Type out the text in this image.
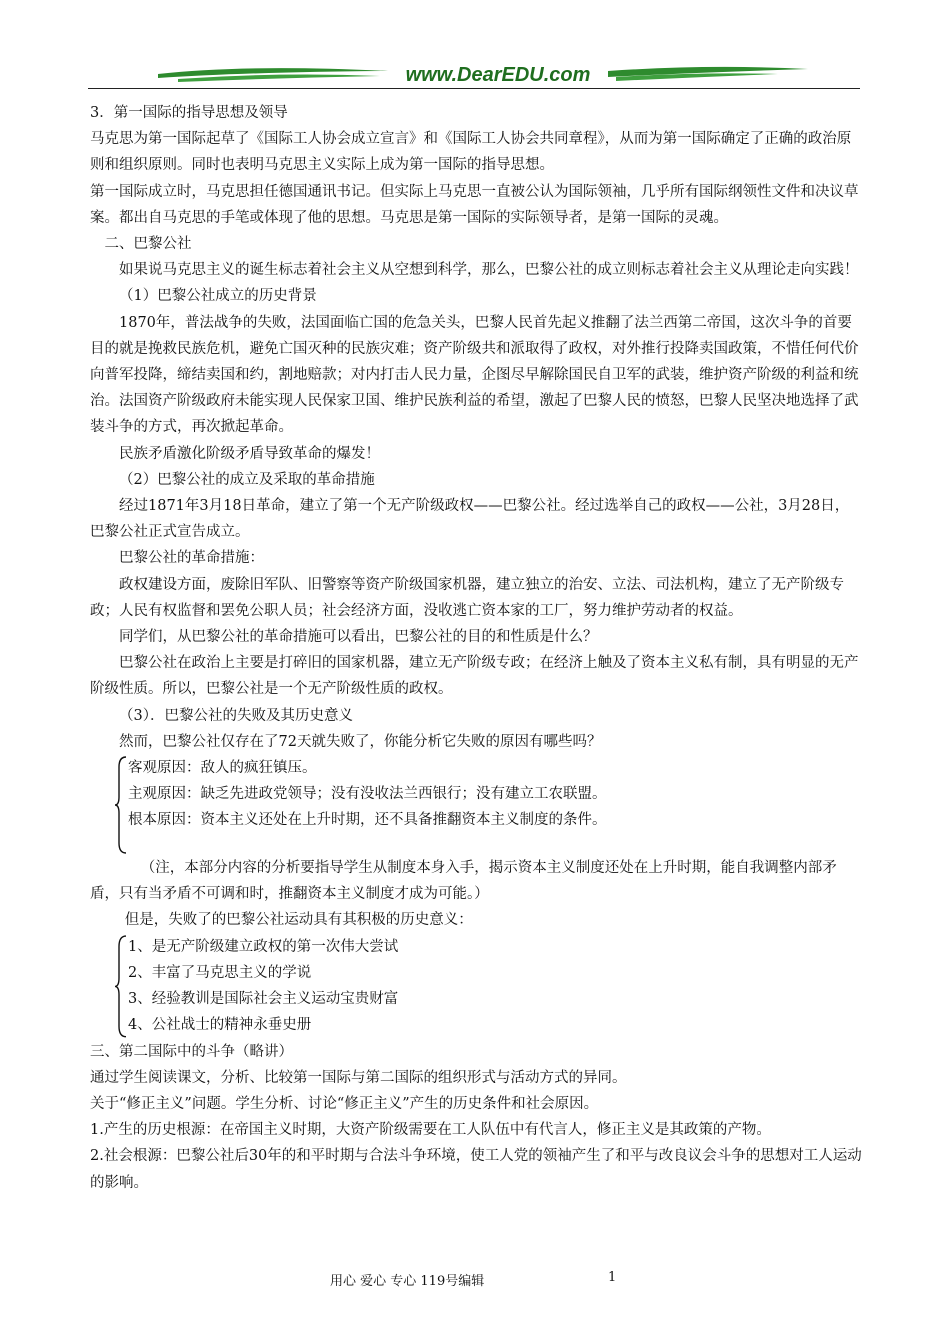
www.DearEDU.com

3．第一国际的指导思想及领导

马克思为第一国际起草了《国际工人协会成立宣言》和《国际工人协会共同章程》，从而为第一国际确定了正确的政治原则和组织原则。同时也表明马克思主义实际上成为第一国际的指导思想。

第一国际成立时，马克思担任德国通讯书记。但实际上马克思一直被公认为国际领袖，几乎所有国际纲领性文件和决议草案。都出自马克思的手笔或体现了他的思想。马克思是第一国际的实际领导者，是第一国际的灵魂。

二、巴黎公社

如果说马克思主义的诞生标志着社会主义从空想到科学，那么，巴黎公社的成立则标志着社会主义从理论走向实践！

（1）巴黎公社成立的历史背景

1870年，普法战争的失败，法国面临亡国的危急关头，巴黎人民首先起义推翻了法兰西第二帝国，这次斗争的首要目的就是挽救民族危机，避免亡国灭种的民族灾难；资产阶级共和派取得了政权，对外推行投降卖国政策，不惜任何代价向普军投降，缔结卖国和约，割地赔款；对内打击人民力量，企图尽早解除国民自卫军的武装，维护资产阶级的利益和统治。法国资产阶级政府未能实现人民保家卫国、维护民族利益的希望，激起了巴黎人民的愤怒，巴黎人民坚决地选择了武装斗争的方式，再次掀起革命。

民族矛盾激化阶级矛盾导致革命的爆发！

（2）巴黎公社的成立及采取的革命措施

经过1871年3月18日革命，建立了第一个无产阶级政权——巴黎公社。经过选举自己的政权——公社，3月28日，巴黎公社正式宣告成立。

巴黎公社的革命措施：

政权建设方面，废除旧军队、旧警察等资产阶级国家机器，建立独立的治安、立法、司法机构，建立了无产阶级专政；人民有权监督和罢免公职人员；社会经济方面，没收逃亡资本家的工厂，努力维护劳动者的权益。

同学们，从巴黎公社的革命措施可以看出，巴黎公社的目的和性质是什么？

巴黎公社在政治上主要是打碎旧的国家机器，建立无产阶级专政；在经济上触及了资本主义私有制，具有明显的无产阶级性质。所以，巴黎公社是一个无产阶级性质的政权。

（3）．巴黎公社的失败及其历史意义

然而，巴黎公社仅存在了72天就失败了，你能分析它失败的原因有哪些吗？

客观原因：敌人的疯狂镇压。

主观原因：缺乏先进政党领导；没有没收法兰西银行；没有建立工农联盟。

根本原因：资本主义还处在上升时期，还不具备推翻资本主义制度的条件。

（注，本部分内容的分析要指导学生从制度本身入手，揭示资本主义制度还处在上升时期，能自我调整内部矛盾，只有当矛盾不可调和时，推翻资本主义制度才成为可能。）

但是，失败了的巴黎公社运动具有其积极的历史意义：

1、是无产阶级建立政权的第一次伟大尝试

2、丰富了马克思主义的学说

3、经验教训是国际社会主义运动宝贵财富

4、公社战士的精神永垂史册

三、第二国际中的斗争（略讲）

通过学生阅读课文，分析、比较第一国际与第二国际的组织形式与活动方式的异同。

关于“修正主义”问题。学生分析、讨论“修正主义”产生的历史条件和社会原因。

1.产生的历史根源：在帝国主义时期，大资产阶级需要在工人队伍中有代言人，修正主义是其政策的产物。

2.社会根源：巴黎公社后30年的和平时期与合法斗争环境，使工人党的领袖产生了和平与改良议会斗争的思想对工人运动的影响。

用心 爱心 专心 119号编辑	1
